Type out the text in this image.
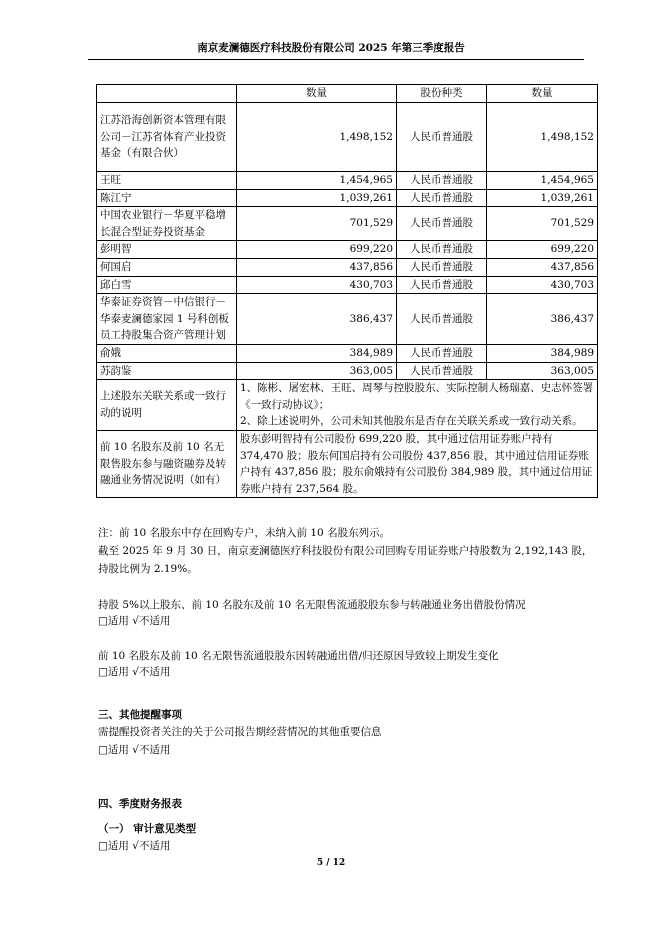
南京麦澜德医疗科技股份有限公司 2025 年第三季度报告
	数量	股份种类	数量
江苏沿海创新资本管理有限公司－江苏省体育产业投资基金（有限合伙）	1,498,152	人民币普通股	1,498,152
王旺	1,454,965	人民币普通股	1,454,965
陈江宁	1,039,261	人民币普通股	1,039,261
中国农业银行－华夏平稳增长混合型证券投资基金	701,529	人民币普通股	701,529
彭明智	699,220	人民币普通股	699,220
何国启	437,856	人民币普通股	437,856
邱白雪	430,703	人民币普通股	430,703
华泰证券资管－中信银行－华泰麦澜德家园 1 号科创板员工持股集合资产管理计划	386,437	人民币普通股	386,437
俞娥	384,989	人民币普通股	384,989
苏韵鉴	363,005	人民币普通股	363,005
上述股东关联关系或一致行动的说明	1、陈彬、屠宏林、王旺、周琴与控股股东、实际控制人杨瑞嘉、史志怀签署《一致行动协议》；
2、除上述说明外，公司未知其他股东是否存在关联关系或一致行动关系。		

前 10 名股东及前 10 名无限售股东参与融资融券及转融通业务情况说明（如有）	股东彭明智持有公司股份 699,220 股，其中通过信用证券账户持有 374,470 股；股东何国启持有公司股份 437,856 股，其中通过信用证券账户持有 437,856 股；股东俞娥持有公司股份 384,989 股，其中通过信用证券账户持有 237,564 股。		
注：前 10 名股东中存在回购专户，未纳入前 10 名股东列示。
截至 2025 年 9 月 30 日，南京麦澜德医疗科技股份有限公司回购专用证券账户持股数为 2,192,143 股，持股比例为 2.19%。
持股 5%以上股东、前 10 名股东及前 10 名无限售流通股股东参与转融通业务出借股份情况
□适用 √不适用
前 10 名股东及前 10 名无限售流通股股东因转融通出借/归还原因导致较上期发生变化
□适用 √不适用
三、其他提醒事项
需提醒投资者关注的关于公司报告期经营情况的其他重要信息
□适用 √不适用
四、季度财务报表
（一） 审计意见类型
□适用 √不适用
5 / 12
